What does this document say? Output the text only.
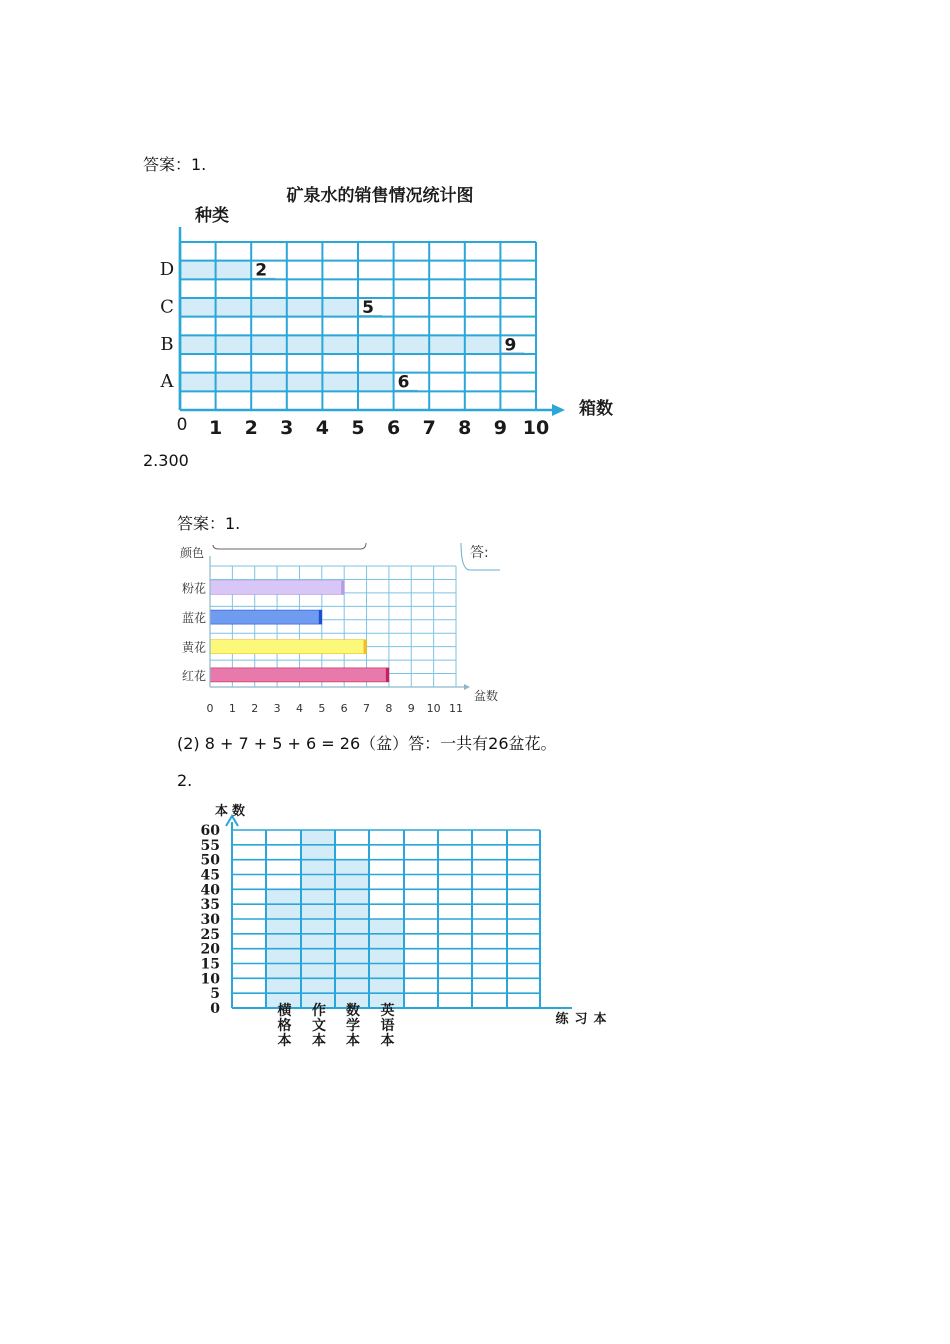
答案：1.
D	2
C	5
B	9
A	6
0 1 2 3 4 5 6 7 8 9 10
矿泉水的销售情况统计图
种类
箱数
2.300
答案：1.
答:
粉花
蓝花
黄花
红花
0 1 2 3 4 5 6 7 8 9 10 11
颜色
盆数
(2) 8 + 7 + 5 + 6 = 26（盆）答：一共有26盆花。
2.
0
5
10
15
20
25
30
35
40
45
50
55
60
横格本 作文本 数学本 英语本
本数
练习本
